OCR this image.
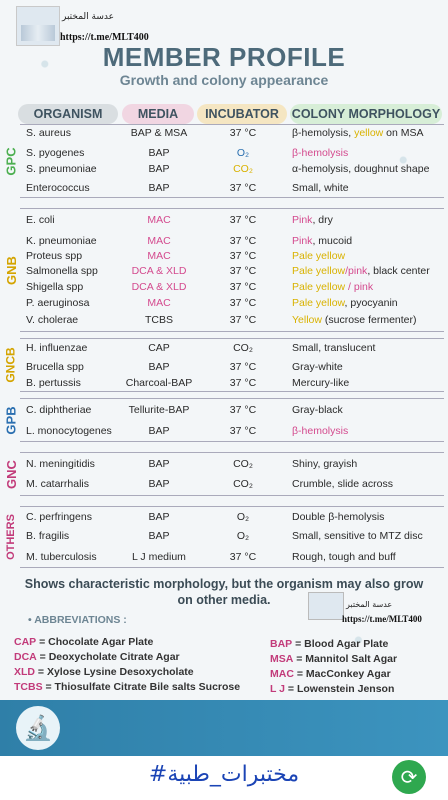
عدسة المختبر
https://t.me/MLT400
MEMBER PROFILE
Growth and colony appearance
ORGANISM	MEDIA	INCUBATOR	COLONY MORPHOLOGY
GPC
S. aureus	BAP & MSA	37 °C	β-hemolysis, yellow on MSA
S. pyogenes	BAP	O₂	β-hemolysis
S. pneumoniae	BAP	CO₂	α-hemolysis, doughnut shape
Enterococcus	BAP	37 °C	Small, white
GNB
E. coli	MAC	37 °C	Pink, dry
K. pneumoniae	MAC	37 °C	Pink, mucoid
Proteus spp	MAC	37 °C	Pale yellow
Salmonella spp	DCA & XLD	37 °C	Pale yellow/pink, black center
Shigella spp	DCA & XLD	37 °C	Pale yellow / pink
P. aeruginosa	MAC	37 °C	Pale yellow, pyocyanin
V. cholerae	TCBS	37 °C	Yellow (sucrose fermenter)
GNCB H. influenzae	CAP	CO₂	Small, translucent
Brucella spp	BAP	37 °C	Gray-white
B. pertussis	Charcoal-BAP	37 °C	Mercury-like
GPB C. diphtheriae	Tellurite-BAP	37 °C	Gray-black
L. monocytogenes	BAP	37 °C	β-hemolysis
GNC N. meningitidis	BAP	CO₂	Shiny, grayish
M. catarrhalis	BAP	CO₂	Crumble, slide across
OTHERS C. perfringens	BAP	O₂	Double β-hemolysis
B. fragilis	BAP	O₂	Small, sensitive to MTZ disc
M. tuberculosis	L J medium	37 °C	Rough, tough and buff
Shows characteristic morphology, but the organism may also grow on other media.	عدسة المختبر
https://t.me/MLT400
• ABBREVIATIONS :
CAP = Chocolate Agar Plate
DCA = Deoxycholate Citrate Agar
XLD = Xylose Lysine Desoxycholate
TCBS = Thiosulfate Citrate Bile salts Sucrose
BAP = Blood Agar Plate
MSA = Mannitol Salt Agar
MAC = MacConkey Agar
L J = Lowenstein Jenson
🔬
#مختبرات_طبية	⟳
